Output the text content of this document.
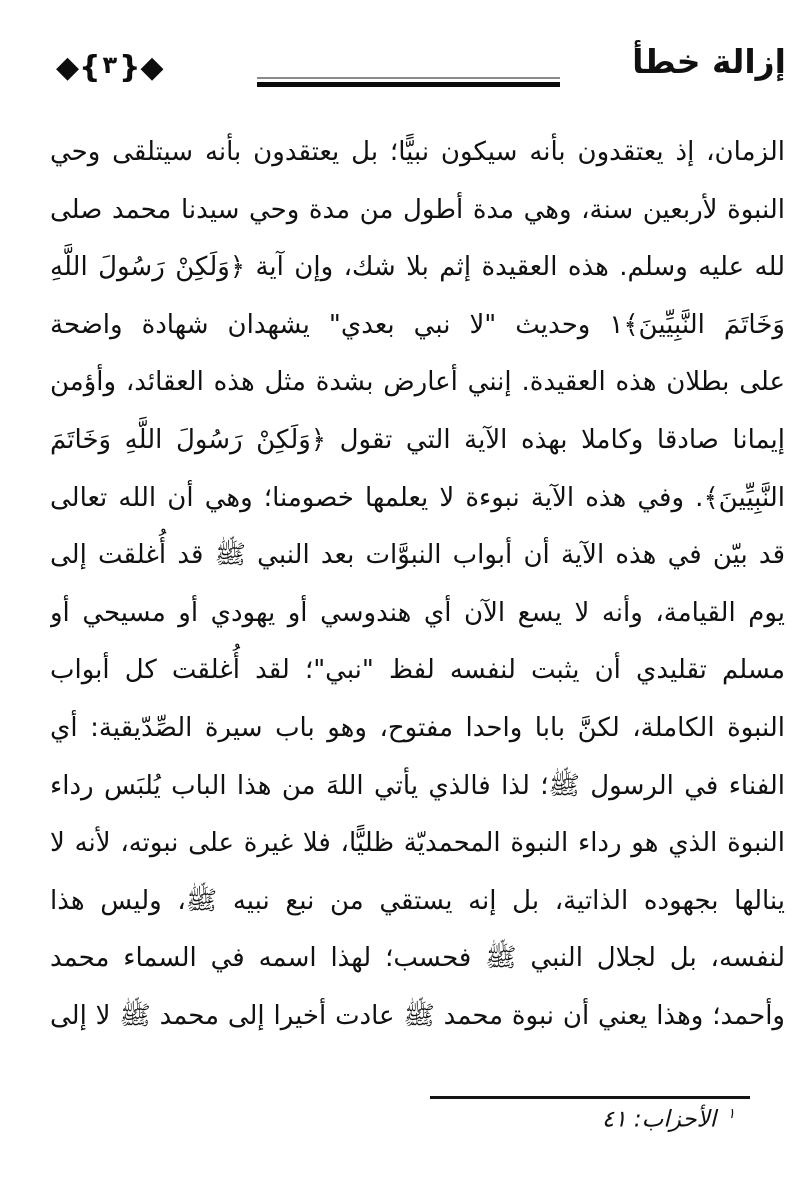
إزالة خطأ
◆{٣}◆
الزمان، إذ يعتقدون بأنه سيكون نبيًّا؛ بل يعتقدون بأنه سيتلقى وحي
النبوة لأربعين سنة، وهي مدة أطول من مدة وحي سيدنا محمد صلى
لله عليه وسلم. هذه العقيدة إثم بلا شك، وإن آية ﴿وَلَكِنْ رَسُولَ اللَّهِ
وَخَاتَمَ النَّبِيِّينَ﴾١ وحديث "لا نبي بعدي" يشهدان شهادة واضحة
على بطلان هذه العقيدة. إنني أعارض بشدة مثل هذه العقائد، وأؤمن
إيمانا صادقا وكاملا بهذه الآية التي تقول ﴿وَلَكِنْ رَسُولَ اللَّهِ وَخَاتَمَ
النَّبِيِّينَ﴾. وفي هذه الآية نبوءة لا يعلمها خصومنا؛ وهي أن الله تعالى
قد بيّن في هذه الآية أن أبواب النبوَّات بعد النبي ﷺ قد أُغلقت إلى
يوم القيامة، وأنه لا يسع الآن أي هندوسي أو يهودي أو مسيحي أو
مسلم تقليدي أن يثبت لنفسه لفظ "نبي"؛ لقد أُغلقت كل أبواب
النبوة الكاملة، لكنَّ بابا واحدا مفتوح، وهو باب سيرة الصِّدّيقية: أي
الفناء في الرسول ﷺ؛ لذا فالذي يأتي اللهَ من هذا الباب يُلبَس رداء
النبوة الذي هو رداء النبوة المحمديّة ظليًّا، فلا غيرة على نبوته، لأنه لا
ينالها بجهوده الذاتية، بل إنه يستقي من نبع نبيه ﷺ، وليس هذا
لنفسه، بل لجلال النبي ﷺ فحسب؛ لهذا اسمه في السماء محمد
وأحمد؛ وهذا يعني أن نبوة محمد ﷺ عادت أخيرا إلى محمد ﷺ لا إلى
$^١$ الأحزاب: ٤١
